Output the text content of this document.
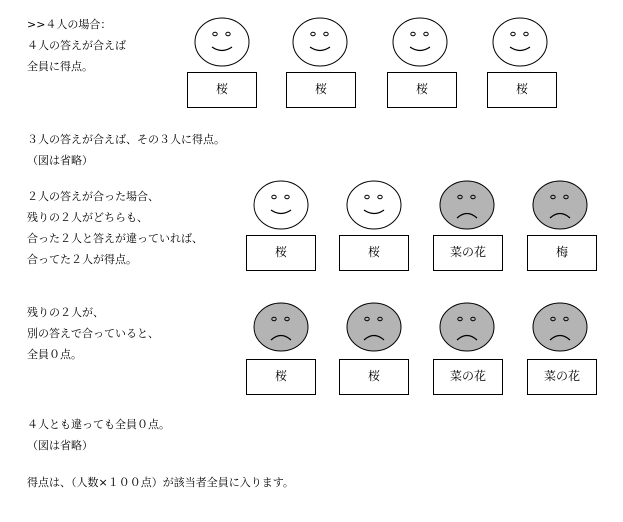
>>４人の場合：
４人の答えが合えば
全員に得点。
桜	桜	桜	桜
３人の答えが合えば、その３人に得点。
（図は省略）
２人の答えが合った場合、
残りの２人がどちらも、
合った２人と答えが違っていれば、
合ってた２人が得点。
桜	桜	菜の花	梅
残りの２人が、
別の答えで合っていると、
全員０点。
桜	桜	菜の花	菜の花
４人とも違っても全員０点。
（図は省略）
得点は、（人数×１００点）が該当者全員に入ります。
